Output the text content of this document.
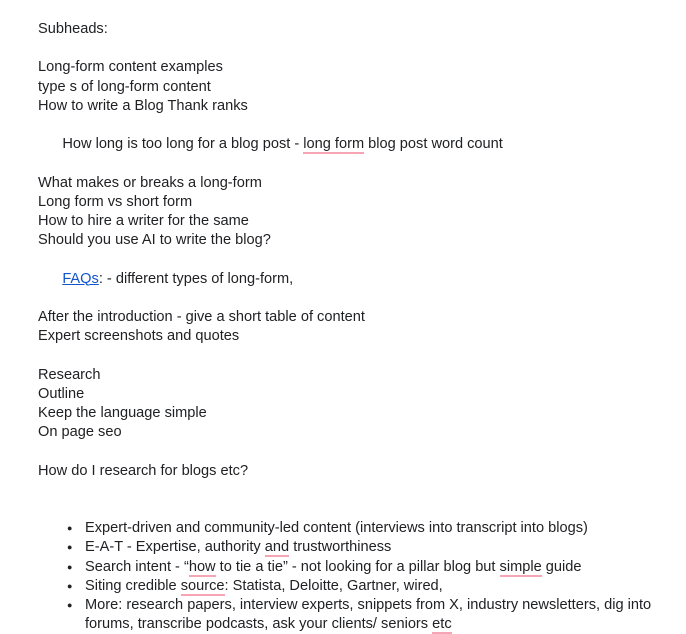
Subheads:

Long-form content examples
type s of long-form content
How to write a Blog Thank ranks

How long is too long for a blog post - long form blog post word count

What makes or breaks a long-form
Long form vs short form
How to hire a writer for the same
Should you use AI to write the blog?

FAQs: - different types of long-form,

After the introduction - give a short table of content
Expert screenshots and quotes

Research
Outline
Keep the language simple
On page seo

How do I research for blogs etc?

● Expert-driven and community-led content (interviews into transcript into blogs)
● E-A-T - Expertise, authority and trustworthiness
● Search intent - “how to tie a tie” - not looking for a pillar blog but simple guide
● Siting credible source: Statista, Deloitte, Gartner, wired,
● More: research papers, interview experts, snippets from X, industry newsletters, dig into forums, transcribe podcasts, ask your clients/ seniors etc
